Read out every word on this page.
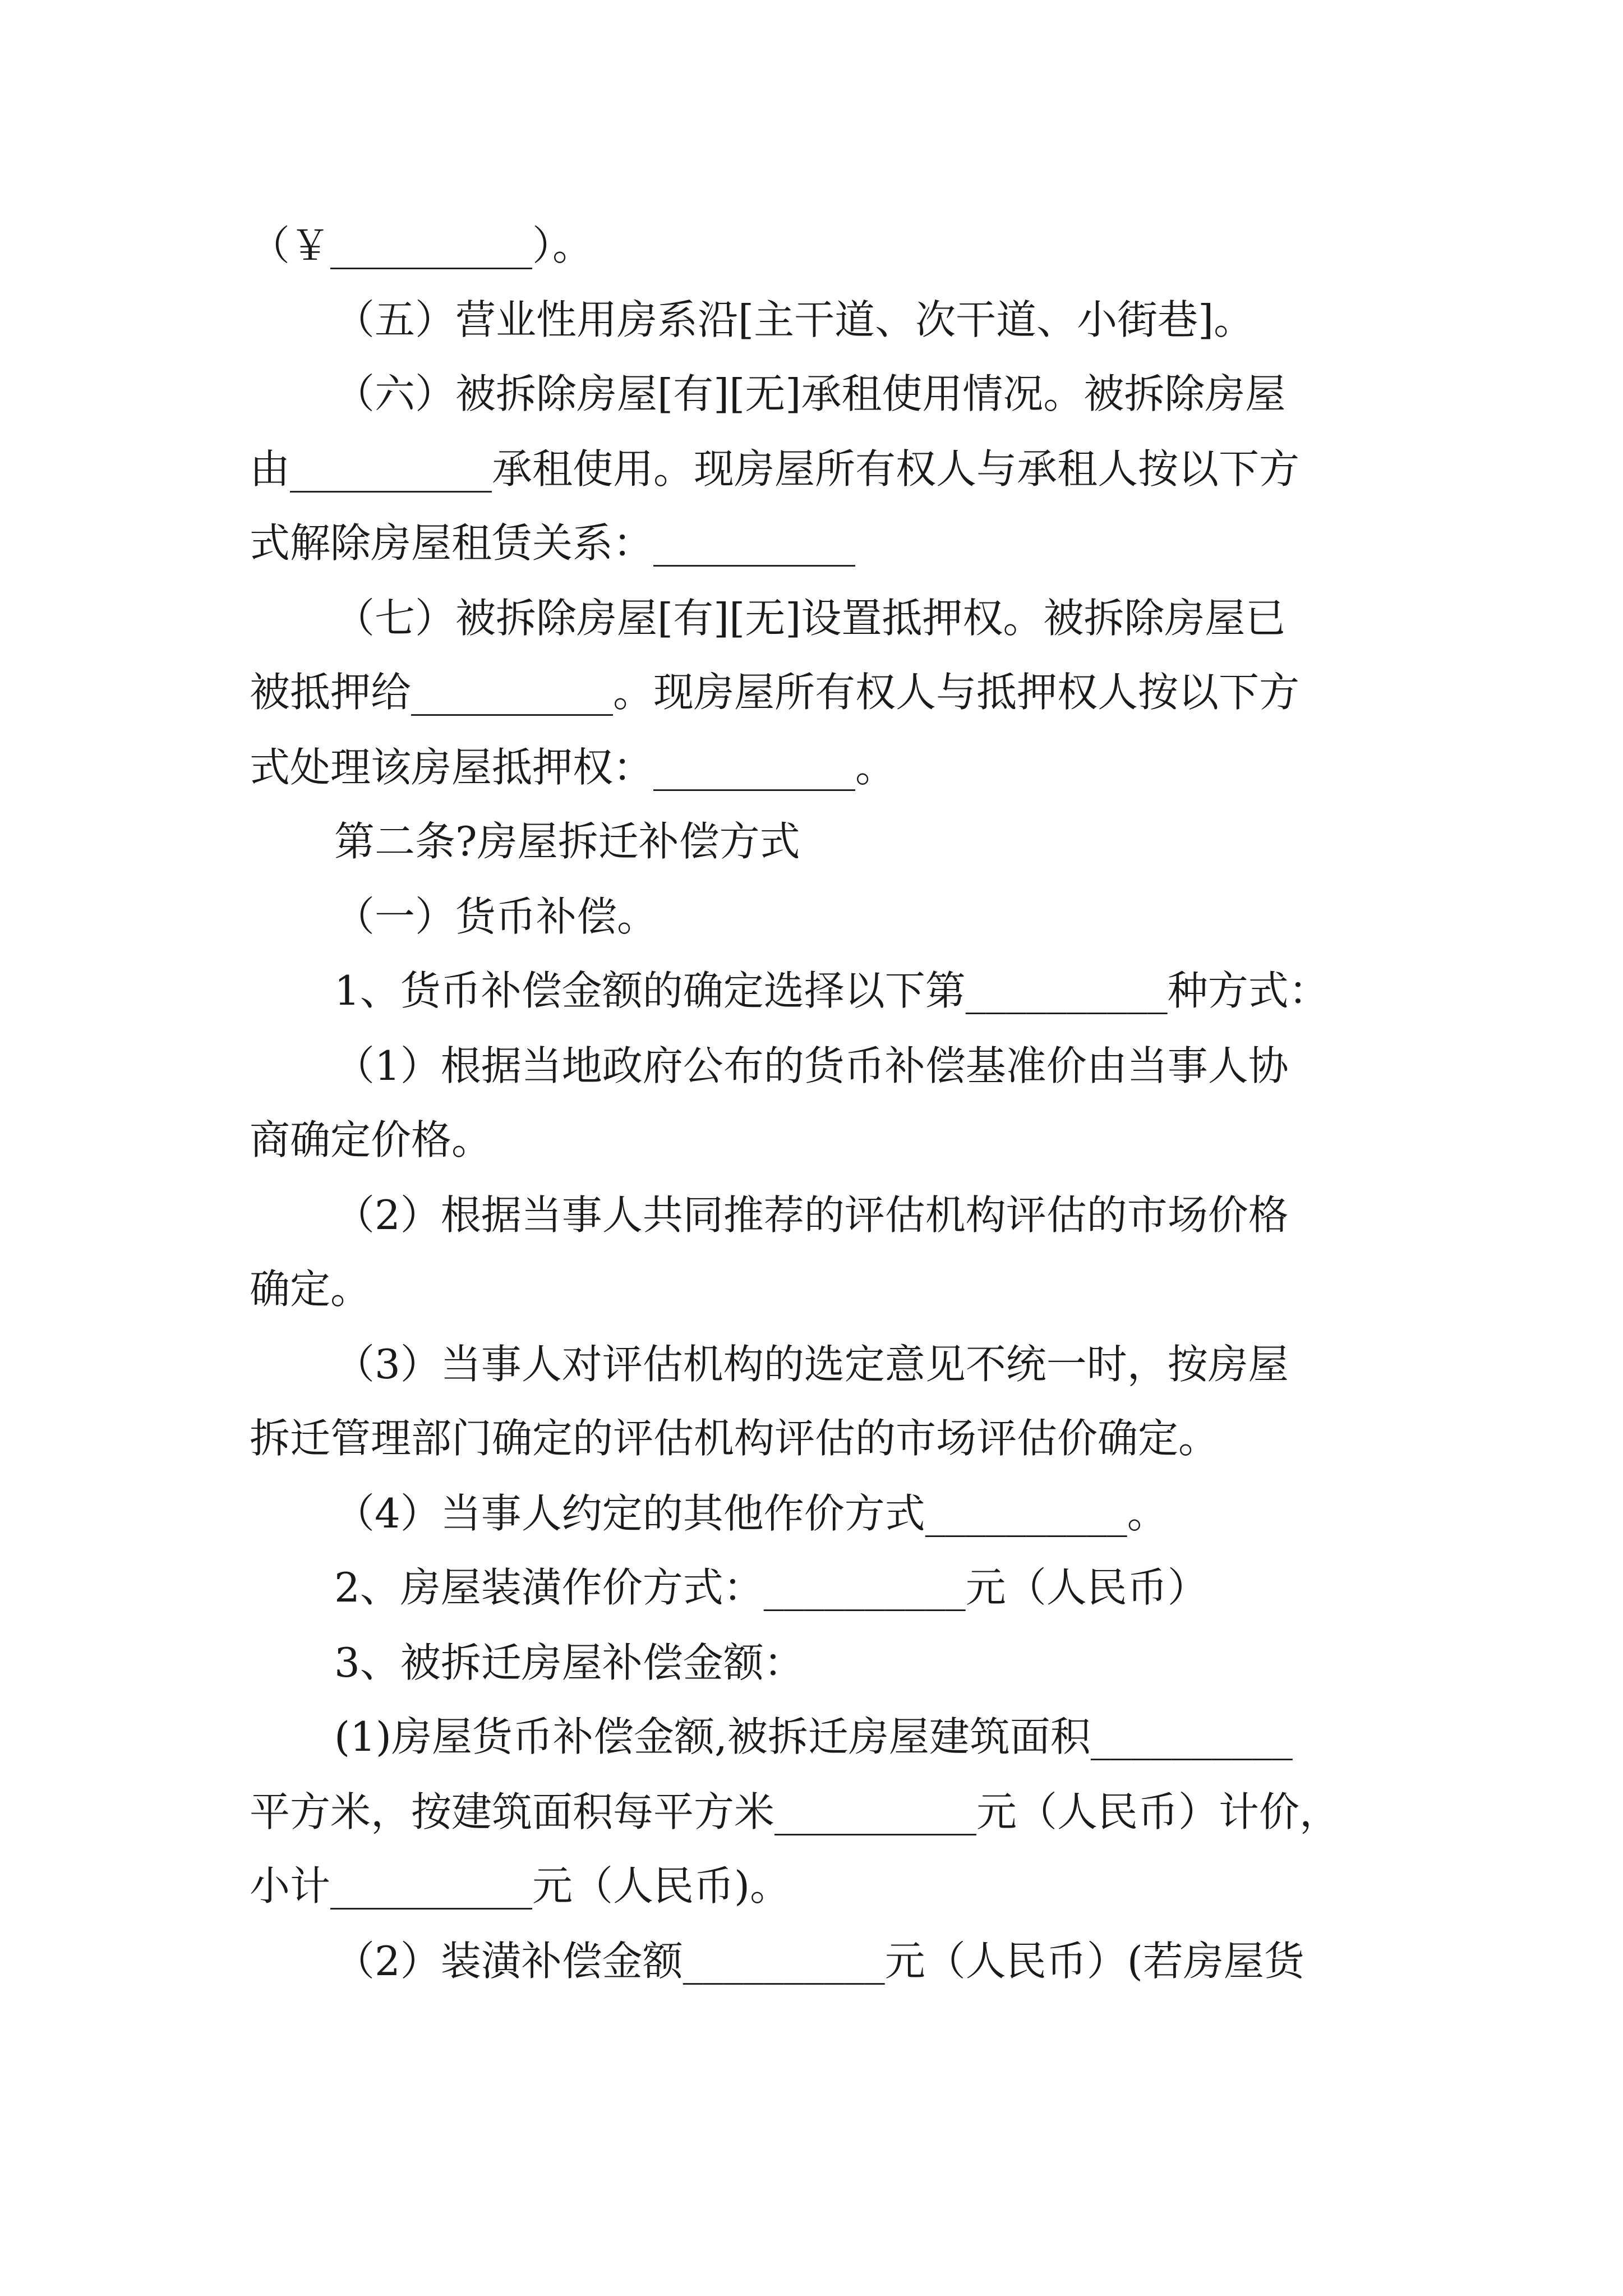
（￥__________）。
（五）营业性用房系沿[主干道、次干道、小街巷]。
（六）被拆除房屋[有][无]承租使用情况。被拆除房屋
由__________承租使用。现房屋所有权人与承租人按以下方
式解除房屋租赁关系：__________
（七）被拆除房屋[有][无]设置抵押权。被拆除房屋已
被抵押给__________。现房屋所有权人与抵押权人按以下方
式处理该房屋抵押权：__________。
第二条?房屋拆迁补偿方式
（一）货币补偿。
1、货币补偿金额的确定选择以下第__________种方式：
（1）根据当地政府公布的货币补偿基准价由当事人协
商确定价格。
（2）根据当事人共同推荐的评估机构评估的市场价格
确定。
（3）当事人对评估机构的选定意见不统一时，按房屋
拆迁管理部门确定的评估机构评估的市场评估价确定。
（4）当事人约定的其他作价方式__________。
2、房屋装潢作价方式：__________元（人民币）
3、被拆迁房屋补偿金额：
(1)房屋货币补偿金额,被拆迁房屋建筑面积__________
平方米，按建筑面积每平方米__________元（人民币）计价，
小计__________元（人民币)。
（2）装潢补偿金额__________元（人民币）(若房屋货
